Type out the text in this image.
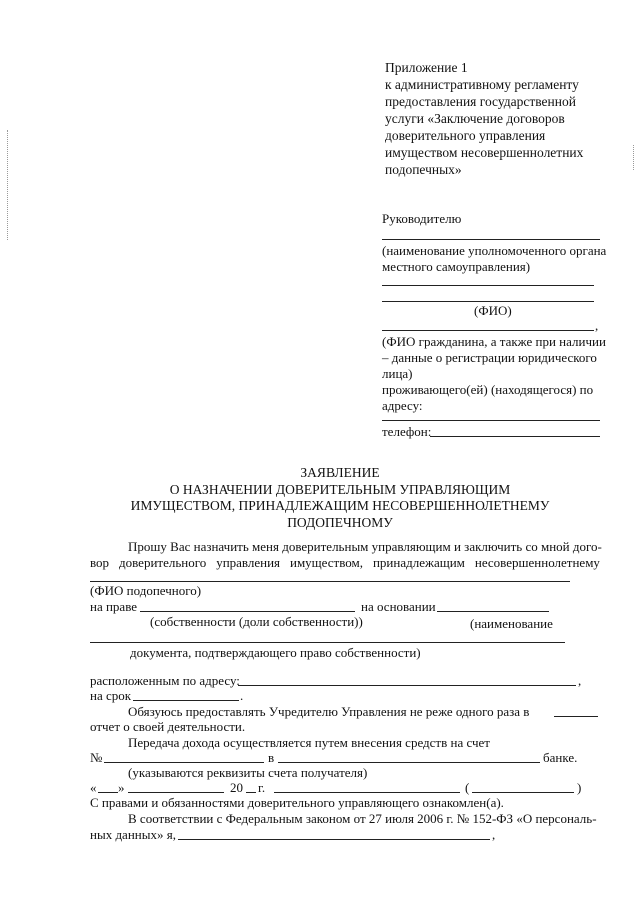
Приложение 1
к административному регламенту
предоставления государственной
услуги «Заключение договоров
доверительного управления
имуществом несовершеннолетних
подопечных»
Руководителю
(наименование уполномоченного органа
местного самоуправления)
(ФИО)
,
(ФИО гражданина, а также при наличии
– данные о регистрации юридического
лица)
проживающего(ей) (находящегося) по
адресу:
телефон:
ЗАЯВЛЕНИЕ
О НАЗНАЧЕНИИ ДОВЕРИТЕЛЬНЫМ УПРАВЛЯЮЩИМ
ИМУЩЕСТВОМ, ПРИНАДЛЕЖАЩИМ НЕСОВЕРШЕННОЛЕТНЕМУ
ПОДОПЕЧНОМУ
Прошу Вас назначить меня доверительным управляющим и заключить со мной дого-
вор доверительного управления имуществом, принадлежащим несовершеннолетнему
(ФИО подопечного)
на праве	на основании
(собственности (доли собственности))	(наименование
документа, подтверждающего право собственности)
расположенным по адресу:	,
на срок	.
Обязуюсь предоставлять Учредителю Управления не реже одного раза в
отчет о своей деятельности.
Передача дохода осуществляется путем внесения средств на счет
№	в	банке.
(указываются реквизиты счета получателя)
« »	20 г.	(	)
С правами и обязанностями доверительного управляющего ознакомлен(а).
В соответствии с Федеральным законом от 27 июля 2006 г. № 152-ФЗ «О персональ-
ных данных» я,	,
